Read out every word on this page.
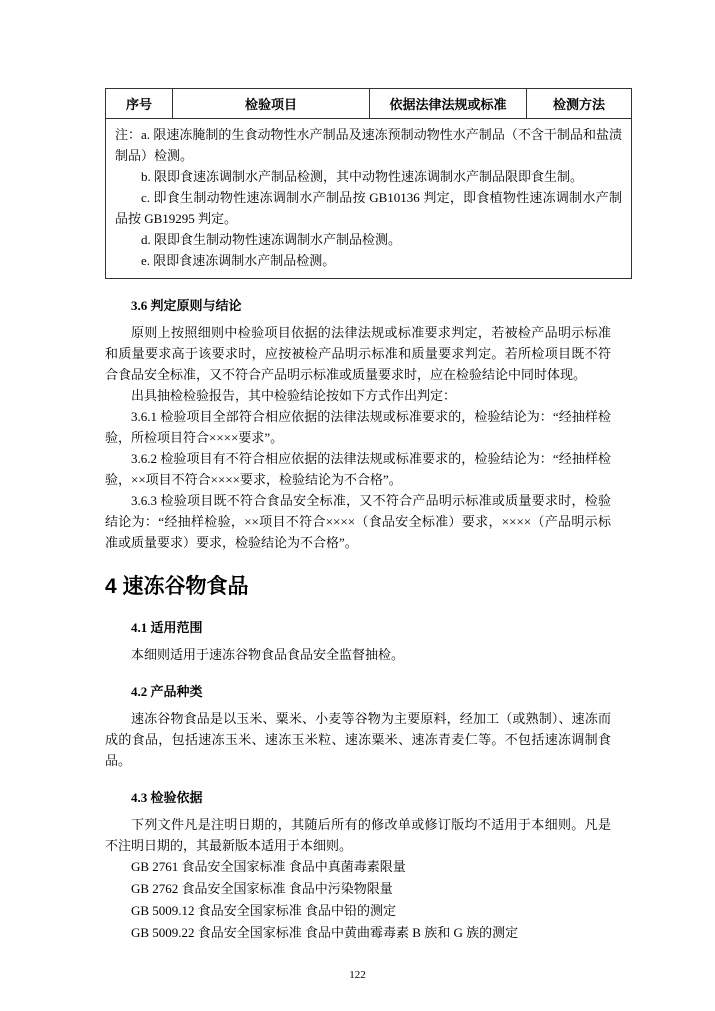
序号	检验项目	依据法律法规或标准	检测方法

注：a. 限速冻腌制的生食动物性水产制品及速冻预制动物性水产制品（不含干制品和盐渍制品）检测。

b. 限即食速冻调制水产制品检测，其中动物性速冻调制水产制品限即食生制。

c. 即食生制动物性速冻调制水产制品按 GB10136 判定，即食植物性速冻调制水产制品按 GB19295 判定。

d. 限即食生制动物性速冻调制水产制品检测。

e. 限即食速冻调制水产制品检测。

3.6 判定原则与结论

原则上按照细则中检验项目依据的法律法规或标准要求判定，若被检产品明示标准和质量要求高于该要求时，应按被检产品明示标准和质量要求判定。若所检项目既不符合食品安全标准，又不符合产品明示标准或质量要求时，应在检验结论中同时体现。

出具抽检检验报告，其中检验结论按如下方式作出判定：

3.6.1 检验项目全部符合相应依据的法律法规或标准要求的，检验结论为：“经抽样检验，所检项目符合××××要求”。

3.6.2 检验项目有不符合相应依据的法律法规或标准要求的，检验结论为：“经抽样检验，××项目不符合××××要求，检验结论为不合格”。

3.6.3 检验项目既不符合食品安全标准，又不符合产品明示标准或质量要求时，检验结论为：“经抽样检验，××项目不符合××××（食品安全标准）要求，××××（产品明示标准或质量要求）要求，检验结论为不合格”。

4 速冻谷物食品
4.1 适用范围

本细则适用于速冻谷物食品食品安全监督抽检。

4.2 产品种类

速冻谷物食品是以玉米、粟米、小麦等谷物为主要原料，经加工（或熟制）、速冻而成的食品，包括速冻玉米、速冻玉米粒、速冻粟米、速冻青麦仁等。不包括速冻调制食品。

4.3 检验依据

下列文件凡是注明日期的，其随后所有的修改单或修订版均不适用于本细则。凡是不注明日期的，其最新版本适用于本细则。

GB 2761 食品安全国家标准 食品中真菌毒素限量

GB 2762 食品安全国家标准 食品中污染物限量

GB 5009.12 食品安全国家标准 食品中铅的测定

GB 5009.22 食品安全国家标准 食品中黄曲霉毒素 B 族和 G 族的测定

122
